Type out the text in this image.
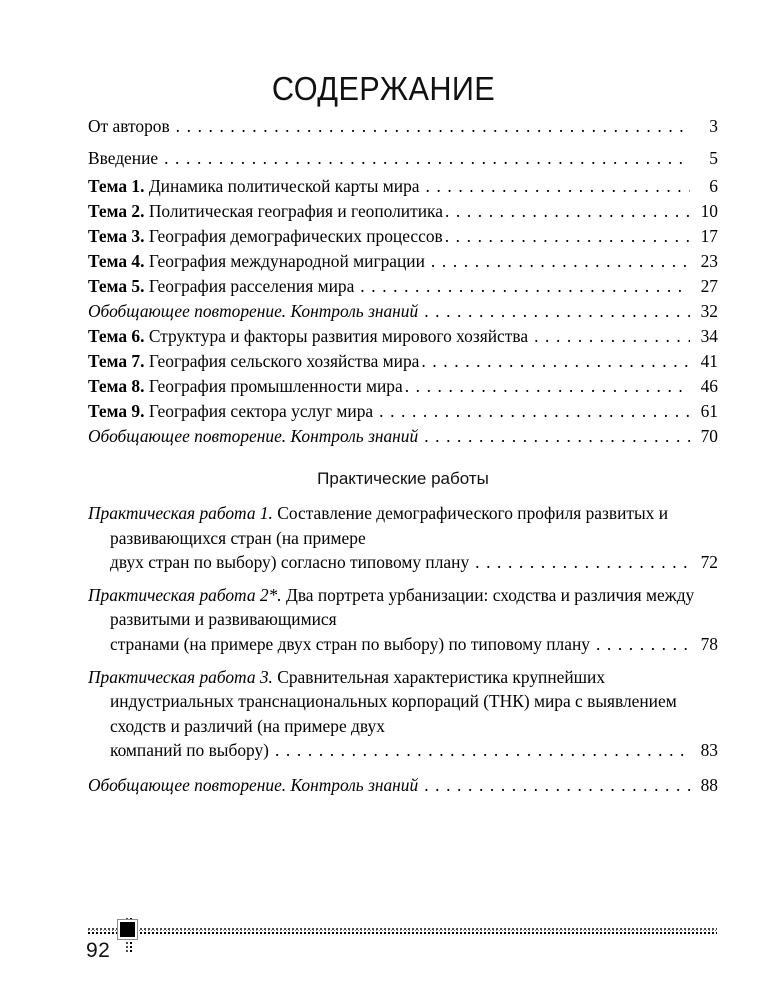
СОДЕРЖАНИЕ
От авторов .....	3
Введение .....	5
Тема 1. Динамика политической карты мира .....	6
Тема 2. Политическая география и геополитика .....	10
Тема 3. География демографических процессов .....	17
Тема 4. География международной миграции .....	23
Тема 5. География расселения мира .....	27
Обобщающее повторение. Контроль знаний .....	32
Тема 6. Структура и факторы развития мирового хозяйства .....	34
Тема 7. География сельского хозяйства мира .....	41
Тема 8. География промышленности мира .....	46
Тема 9. География сектора услуг мира .....	61
Обобщающее повторение. Контроль знаний .....	70
Практические работы
Практическая работа 1. Составление демографического профиля развитых и развивающихся стран (на примере
двух стран по выбору) согласно типовому плану .....	72
Практическая работа 2*. Два портрета урбанизации: сходства и различия между развитыми и развивающимися
странами (на примере двух стран по выбору) по типовому плану .....	78
Практическая работа 3. Сравнительная характеристика крупнейших индустриальных транснациональных корпораций (ТНК) мира с выявлением сходств и различий (на примере двух
компаний по выбору) .....	83
Обобщающее повторение. Контроль знаний .....	88
92
